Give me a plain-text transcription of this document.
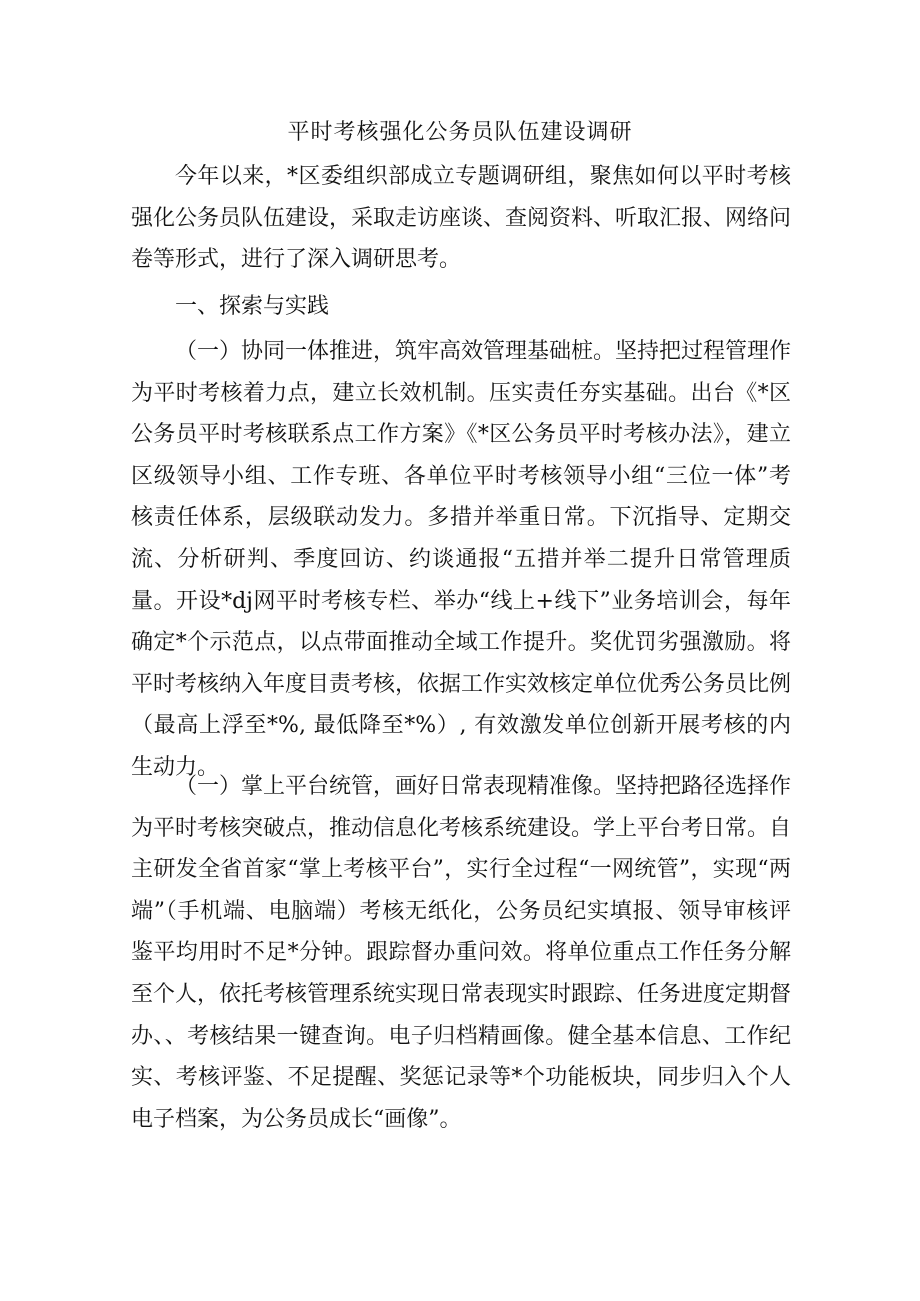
平时考核强化公务员队伍建设调研

今年以来，*区委组织部成立专题调研组，聚焦如何以平时考核强化公务员队伍建设，采取走访座谈、查阅资料、听取汇报、网络问卷等形式，进行了深入调研思考。

一、探索与实践

（一）协同一体推进，筑牢高效管理基础桩。坚持把过程管理作为平时考核着力点，建立长效机制。压实责任夯实基础。出台《*区公务员平时考核联系点工作方案》《*区公务员平时考核办法》，建立区级领导小组、工作专班、各单位平时考核领导小组“三位一体”考核责任体系，层级联动发力。多措并举重日常。下沉指导、定期交流、分析研判、季度回访、约谈通报“五措并举二提升日常管理质量。开设*dj网平时考核专栏、举办“线上+线下”业务培训会，每年确定*个示范点，以点带面推动全域工作提升。奖优罚劣强激励。将平时考核纳入年度目责考核，依据工作实效核定单位优秀公务员比例（最高上浮至*%, 最低降至*%）, 有效激发单位创新开展考核的内生动力。

（一）掌上平台统管，画好日常表现精准像。坚持把路径选择作为平时考核突破点，推动信息化考核系统建设。学上平台考日常。自主研发全省首家“掌上考核平台”，实行全过程“一网统管”，实现“两端”（手机端、电脑端）考核无纸化，公务员纪实填报、领导审核评鉴平均用时不足*分钟。跟踪督办重问效。将单位重点工作任务分解至个人，依托考核管理系统实现日常表现实时跟踪、任务进度定期督办、、考核结果一键查询。电子归档精画像。健全基本信息、工作纪实、考核评鉴、不足提醒、奖惩记录等*个功能板块，同步归入个人电子档案，为公务员成长“画像”。
